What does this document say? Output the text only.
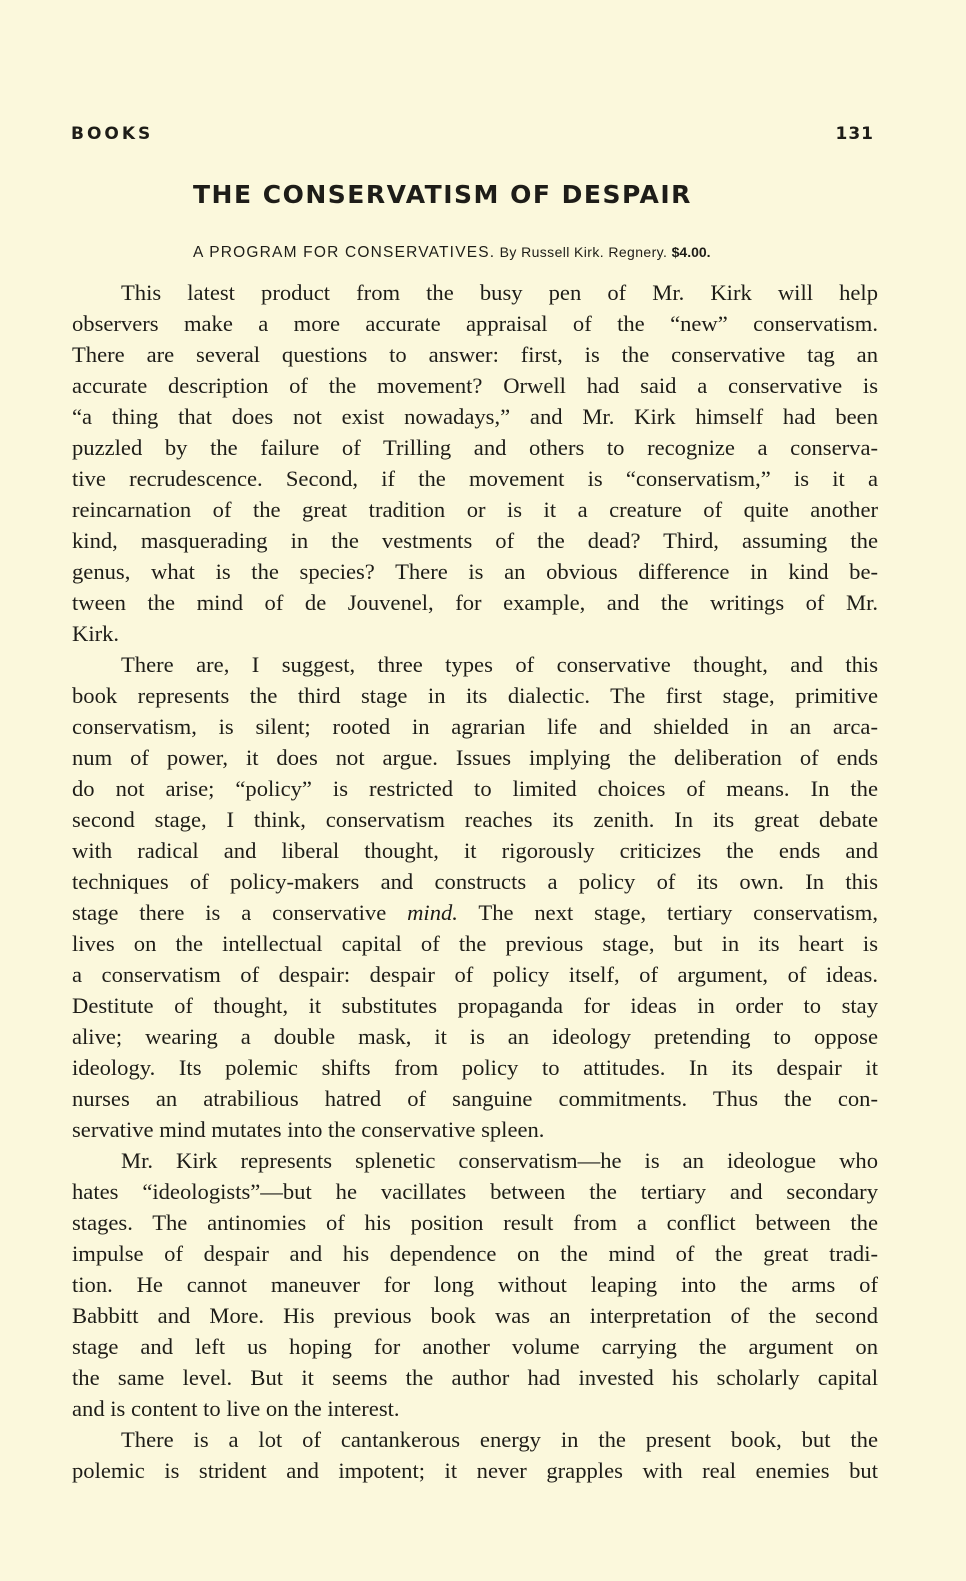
BOOKS	131
THE CONSERVATISM OF DESPAIR
A PROGRAM FOR CONSERVATIVES. By Russell Kirk. Regnery. $4.00.
This latest product from the busy pen of Mr. Kirk will help
observers make a more accurate appraisal of the “new” conservatism.
There are several questions to answer: first, is the conservative tag an
accurate description of the movement? Orwell had said a conservative is
“a thing that does not exist nowadays,” and Mr. Kirk himself had been
puzzled by the failure of Trilling and others to recognize a conserva-
tive recrudescence. Second, if the movement is “conservatism,” is it a
reincarnation of the great tradition or is it a creature of quite another
kind, masquerading in the vestments of the dead? Third, assuming the
genus, what is the species? There is an obvious difference in kind be-
tween the mind of de Jouvenel, for example, and the writings of Mr.
Kirk.
There are, I suggest, three types of conservative thought, and this
book represents the third stage in its dialectic. The first stage, primitive
conservatism, is silent; rooted in agrarian life and shielded in an arca-
num of power, it does not argue. Issues implying the deliberation of ends
do not arise; “policy” is restricted to limited choices of means. In the
second stage, I think, conservatism reaches its zenith. In its great debate
with radical and liberal thought, it rigorously criticizes the ends and
techniques of policy-makers and constructs a policy of its own. In this
stage there is a conservative mind. The next stage, tertiary conservatism,
lives on the intellectual capital of the previous stage, but in its heart is
a conservatism of despair: despair of policy itself, of argument, of ideas.
Destitute of thought, it substitutes propaganda for ideas in order to stay
alive; wearing a double mask, it is an ideology pretending to oppose
ideology. Its polemic shifts from policy to attitudes. In its despair it
nurses an atrabilious hatred of sanguine commitments. Thus the con-
servative mind mutates into the conservative spleen.
Mr. Kirk represents splenetic conservatism—he is an ideologue who
hates “ideologists”—but he vacillates between the tertiary and secondary
stages. The antinomies of his position result from a conflict between the
impulse of despair and his dependence on the mind of the great tradi-
tion. He cannot maneuver for long without leaping into the arms of
Babbitt and More. His previous book was an interpretation of the second
stage and left us hoping for another volume carrying the argument on
the same level. But it seems the author had invested his scholarly capital
and is content to live on the interest.
There is a lot of cantankerous energy in the present book, but the
polemic is strident and impotent; it never grapples with real enemies but
